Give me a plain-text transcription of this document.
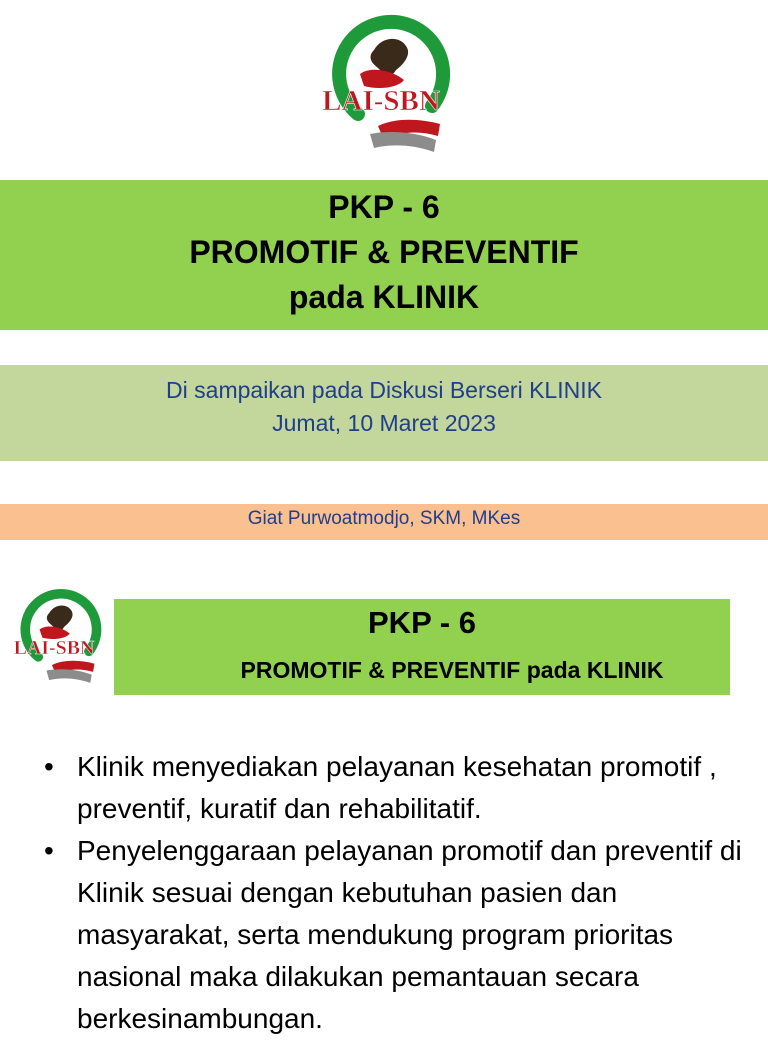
LAI-SBN
PKP - 6
PROMOTIF & PREVENTIF
pada KLINIK
Di sampaikan pada Diskusi Berseri KLINIK
Jumat, 10 Maret 2023
Giat Purwoatmodjo, SKM, MKes
LAI-SBN
PKP - 6
PROMOTIF & PREVENTIF pada KLINIK
• Klinik menyediakan pelayanan kesehatan promotif , preventif, kuratif dan rehabilitatif.
• Penyelenggaraan pelayanan promotif dan preventif di Klinik sesuai dengan kebutuhan pasien dan masyarakat, serta mendukung program prioritas nasional maka dilakukan pemantauan secara berkesinambungan.
